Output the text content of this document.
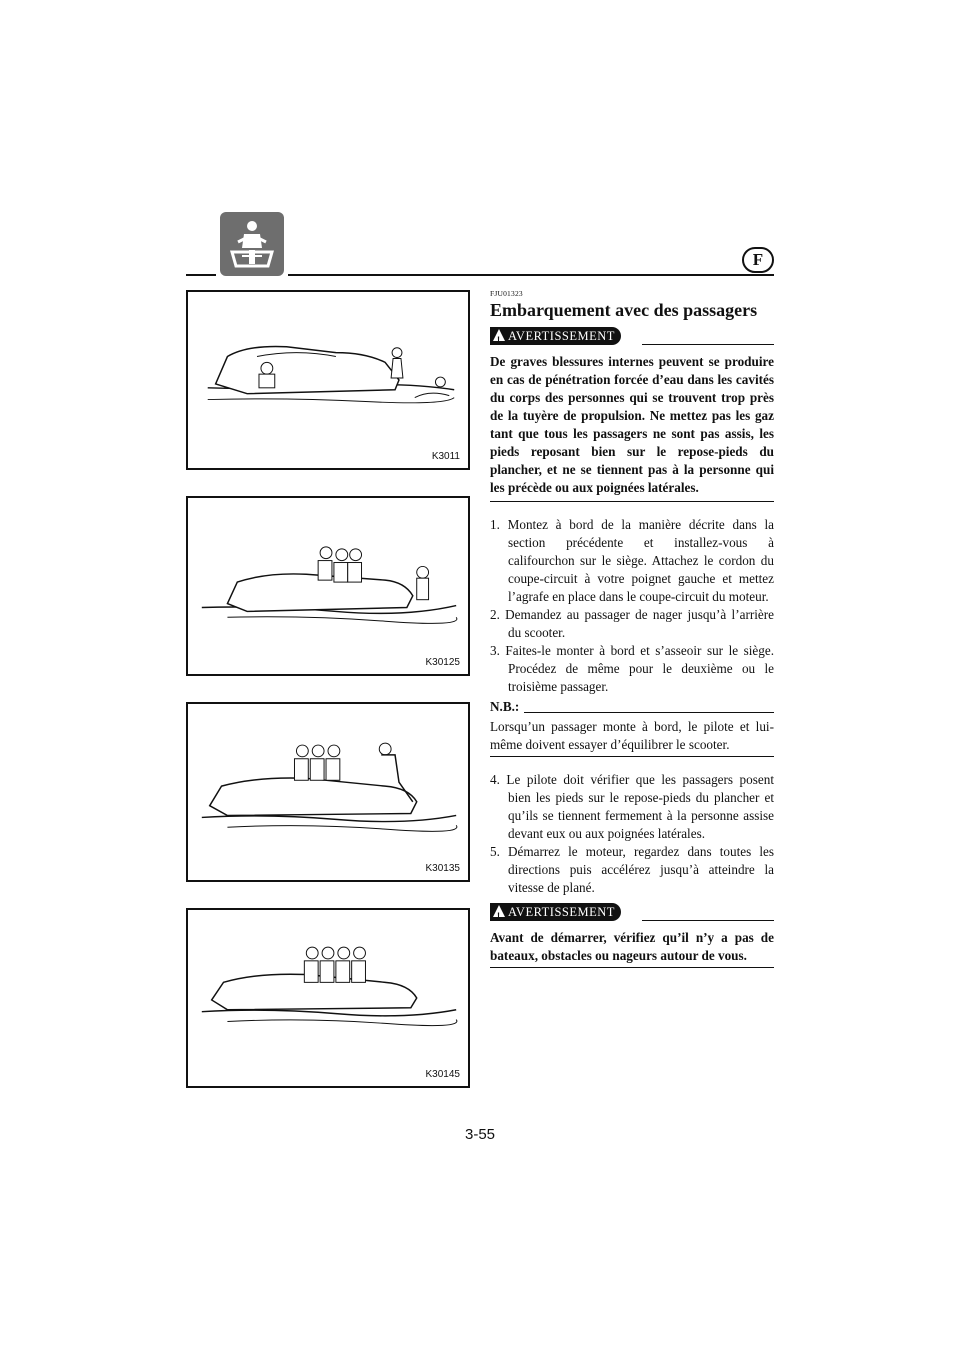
F
K3011
K30125
K30135
K30145
FJU01323
Embarquement avec des passagers
! AVERTISSEMENT

De graves blessures internes peuvent se produire en cas de pénétration forcée d’eau dans les cavités du corps des personnes qui se trouvent trop près de la tuyère de propulsion. Ne mettez pas les gaz tant que tous les passagers ne sont pas assis, les pieds reposant bien sur le repose-pieds du plancher, et ne se tiennent pas à la personne qui les précède ou aux poignées latérales.

1. Montez à bord de la manière décrite dans la section précédente et installez-vous à califourchon sur le siège. Attachez le cordon du coupe-circuit à votre poignet gauche et mettez l’agrafe en place dans le coupe-circuit du moteur.
2. Demandez au passager de nager jusqu’à l’arrière du scooter.
3. Faites-le monter à bord et s’asseoir sur le siège. Procédez de même pour le deuxième ou le troisième passager.
N.B.:

Lorsqu’un passager monte à bord, le pilote et lui-même doivent essayer d’équilibrer le scooter.

4. Le pilote doit vérifier que les passagers posent bien les pieds sur le repose-pieds du plancher et qu’ils se tiennent fermement à la personne assise devant eux ou aux poignées latérales.
5. Démarrez le moteur, regardez dans toutes les directions puis accélérez jusqu’à atteindre la vitesse de plané.
! AVERTISSEMENT

Avant de démarrer, vérifiez qu’il n’y a pas de bateaux, obstacles ou nageurs autour de vous.

3-55
